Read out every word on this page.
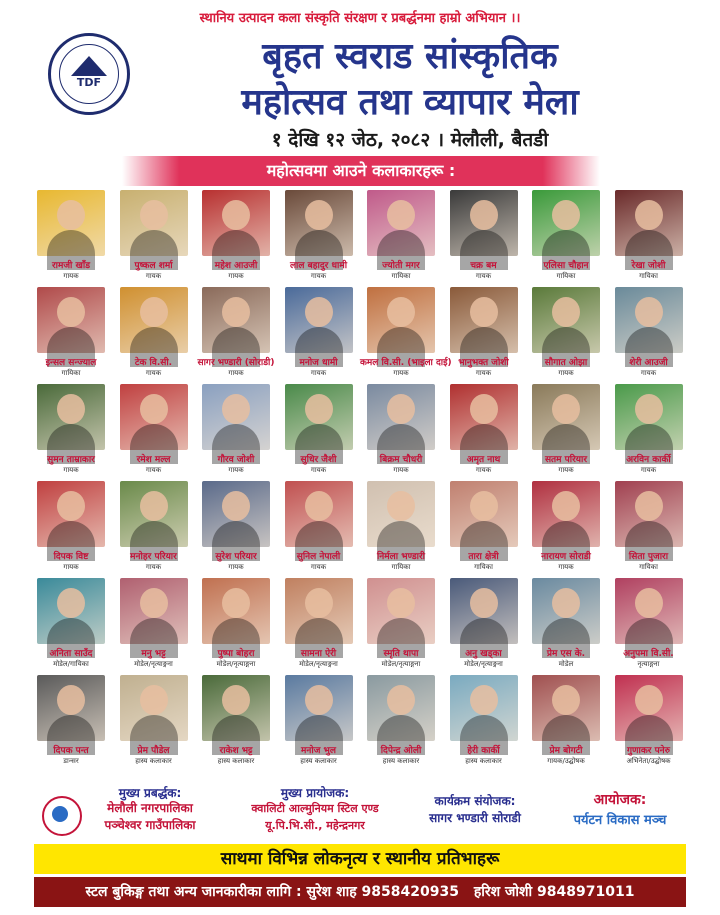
स्थानिय उत्पादन कला संस्कृति संरक्षण र प्रबर्द्धनमा हाम्रो अभियान ।।
TDF
बृहत स्वराड सांस्कृतिक
महोत्सव तथा व्यापार मेला
१ देखि १२ जेठ, २०८२ । मेलौली, बैतडी
महोत्सवमा आउने कलाकारहरू :
रामजी खाँड
गायक
पुष्कल शर्मा
गायक
महेश आउजी
गायक
लाल बहादुर धामी
गायक
ज्योती मगर
गायिका
चक्र बम
गायक
एलिसा चौहान
गायिका
रेखा जोशी
गायिका
इन्सल सन्ज्याल
गायिका
टेक वि.सी.
गायक
सागर भण्डारी (सोराडी)
गायक
मनोज धामी
गायक
कमल वि.सी. (भाइला दाई)
गायक
भानुभक्त जोशी
गायक
सौगात ओझा
गायक
शेरी आउजी
गायक
सुमन ताम्राकार
गायक
रमेश मल्ल
गायक
गौरव जोशी
गायक
सुधिर जैशी
गायक
बिक्रम चौधरी
गायक
अमृत नाथ
गायक
सतम परियार
गायक
अरविन कार्की
गायक
दिपक विष्ट
गायक
मनोहर परियार
गायक
सुरेश परियार
गायक
सुनिल नेपाली
गायक
निर्मला भण्डारी
गायिका
तारा क्षेत्री
गायिका
नारायण सोराडी
गायक
सिता पुजारा
गायिका
अनिता साउँद
मोडेल/गायिका
मनु भट्ट
मोडेल/नृत्याङ्गना
पुष्पा बोहरा
मोडेल/नृत्याङ्गना
सामना ऐरी
मोडेल/नृत्याङ्गना
स्मृति थापा
मोडेल/नृत्याङ्गना
अनु खड्का
मोडेल/नृत्याङ्गना
प्रेम एस के.
मोडेल
अनुपमा वि.सी.
नृत्याङ्गना
दिपक पन्त
डान्सर
प्रेम पौडेल
हास्य कलाकार
राकेश भट्ट
हास्य कलाकार
मनोज भुल
हास्य कलाकार
दिपेन्द्र ओली
हास्य कलाकार
हेरी कार्की
हास्य कलाकार
प्रेम बोगटी
गायक/उद्घोषक
गुणाकर पनेरु
अभिनेता/उद्घोषक
मुख्य प्रबर्द्धक:
मेलौली नगरपालिका
पञ्चेश्वर गाउँपालिका
मुख्य प्रायोजक:
क्वालिटी आल्मुनियम स्टिल एण्ड
यू.पि.भि.सी., महेन्द्रनगर
कार्यक्रम संयोजक:
सागर भण्डारी सोराडी
आयोजक:
पर्यटन विकास मञ्च
साथमा विभिन्न लोकनृत्य र स्थानीय प्रतिभाहरू
स्टल बुकिङ्ग तथा अन्य जानकारीका लागि : सुरेश शाह 9858420935 हरिश जोशी 9848971011
